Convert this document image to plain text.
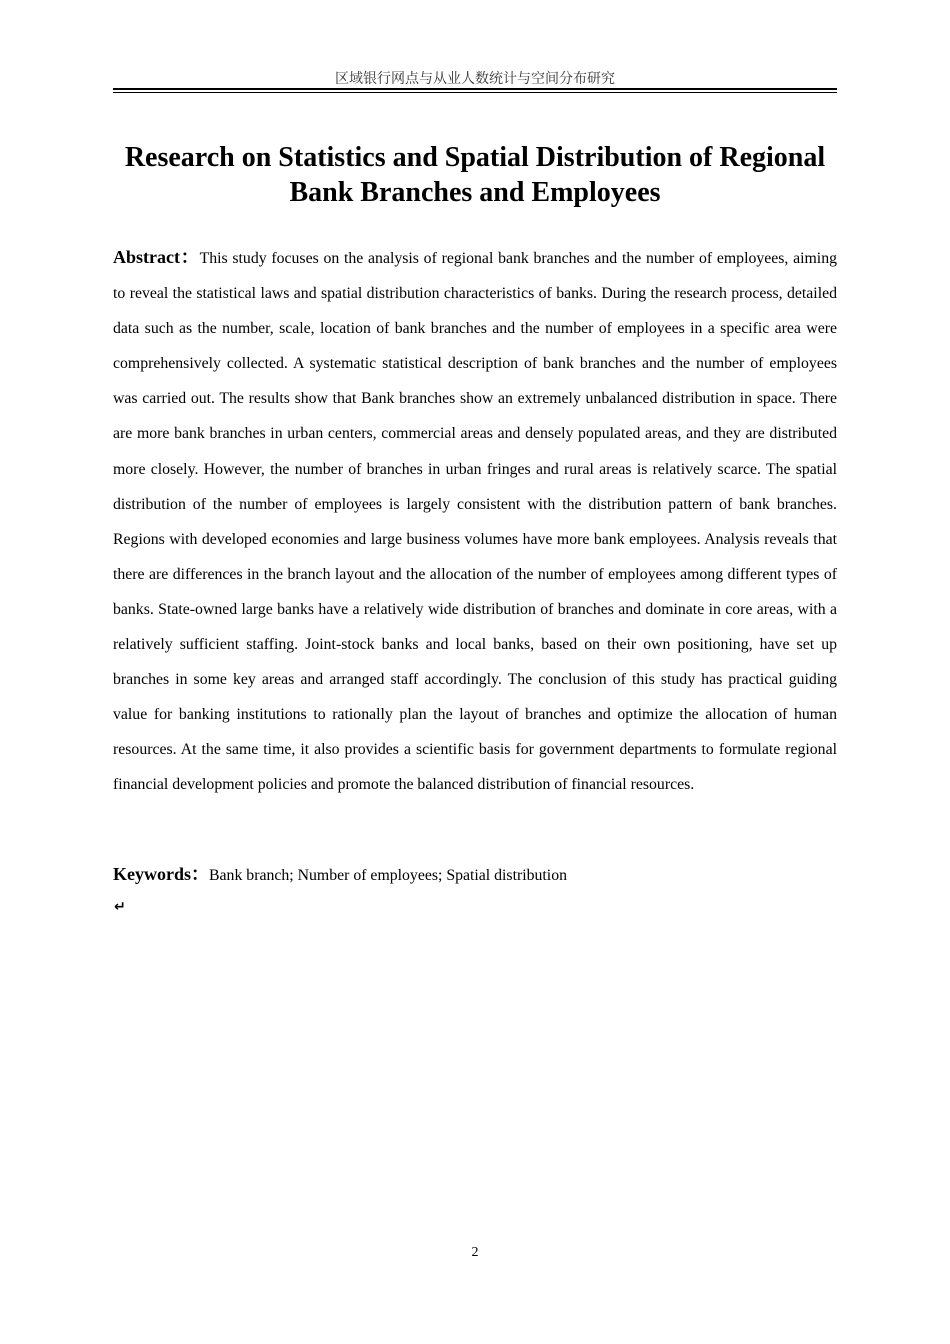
区域银行网点与从业人数统计与空间分布研究
Research on Statistics and Spatial Distribution of Regional Bank Branches and Employees

Abstract：This study focuses on the analysis of regional bank branches and the number of employees, aiming to reveal the statistical laws and spatial distribution characteristics of banks. During the research process, detailed data such as the number, scale, location of bank branches and the number of employees in a specific area were comprehensively collected. A systematic statistical description of bank branches and the number of employees was carried out. The results show that Bank branches show an extremely unbalanced distribution in space. There are more bank branches in urban centers, commercial areas and densely populated areas, and they are distributed more closely. However, the number of branches in urban fringes and rural areas is relatively scarce. The spatial distribution of the number of employees is largely consistent with the distribution pattern of bank branches. Regions with developed economies and large business volumes have more bank employees. Analysis reveals that there are differences in the branch layout and the allocation of the number of employees among different types of banks. State-owned large banks have a relatively wide distribution of branches and dominate in core areas, with a relatively sufficient staffing. Joint-stock banks and local banks, based on their own positioning, have set up branches in some key areas and arranged staff accordingly. The conclusion of this study has practical guiding value for banking institutions to rationally plan the layout of branches and optimize the allocation of human resources. At the same time, it also provides a scientific basis for government departments to formulate regional financial development policies and promote the balanced distribution of financial resources.

Keywords：Bank branch; Number of employees; Spatial distribution

↵
2
